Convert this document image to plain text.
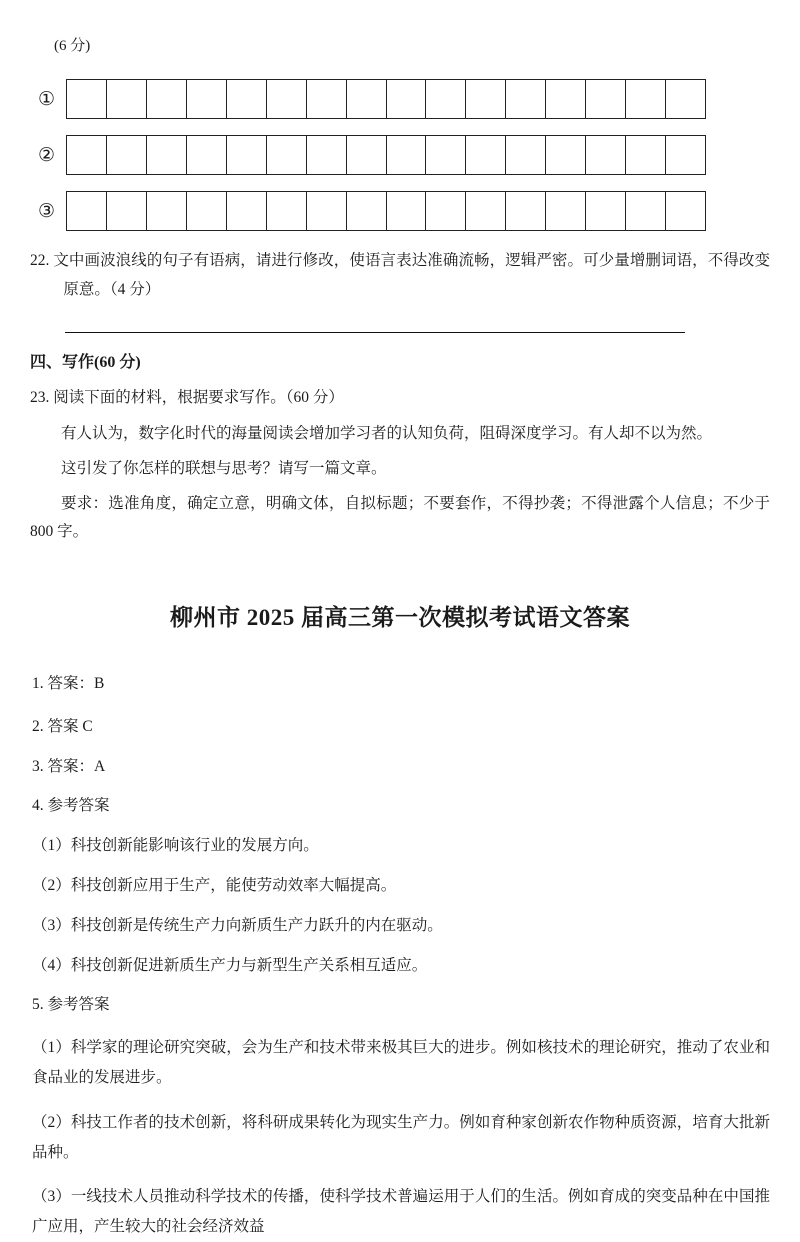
(6 分)
①
②
③
22. 文中画波浪线的句子有语病，请进行修改，使语言表达准确流畅，逻辑严密。可少量增删词语，不得改变原意。（4 分）
四、写作(60 分)
23. 阅读下面的材料，根据要求写作。（60 分）
有人认为，数字化时代的海量阅读会增加学习者的认知负荷，阻碍深度学习。有人却不以为然。
这引发了你怎样的联想与思考？请写一篇文章。
要求：选准角度，确定立意，明确文体，自拟标题；不要套作，不得抄袭；不得泄露个人信息；不少于 800 字。
柳州市 2025 届高三第一次模拟考试语文答案
1. 答案：B
2. 答案 C
3. 答案：A
4. 参考答案
（1）科技创新能影响该行业的发展方向。
（2）科技创新应用于生产，能使劳动效率大幅提高。
（3）科技创新是传统生产力向新质生产力跃升的内在驱动。
（4）科技创新促进新质生产力与新型生产关系相互适应。
5. 参考答案
（1）科学家的理论研究突破，会为生产和技术带来极其巨大的进步。例如核技术的理论研究，推动了农业和食品业的发展进步。
（2）科技工作者的技术创新，将科研成果转化为现实生产力。例如育种家创新农作物种质资源，培育大批新品种。
（3）一线技术人员推动科学技术的传播，使科学技术普遍运用于人们的生活。例如育成的突变品种在中国推广应用，产生较大的社会经济效益
